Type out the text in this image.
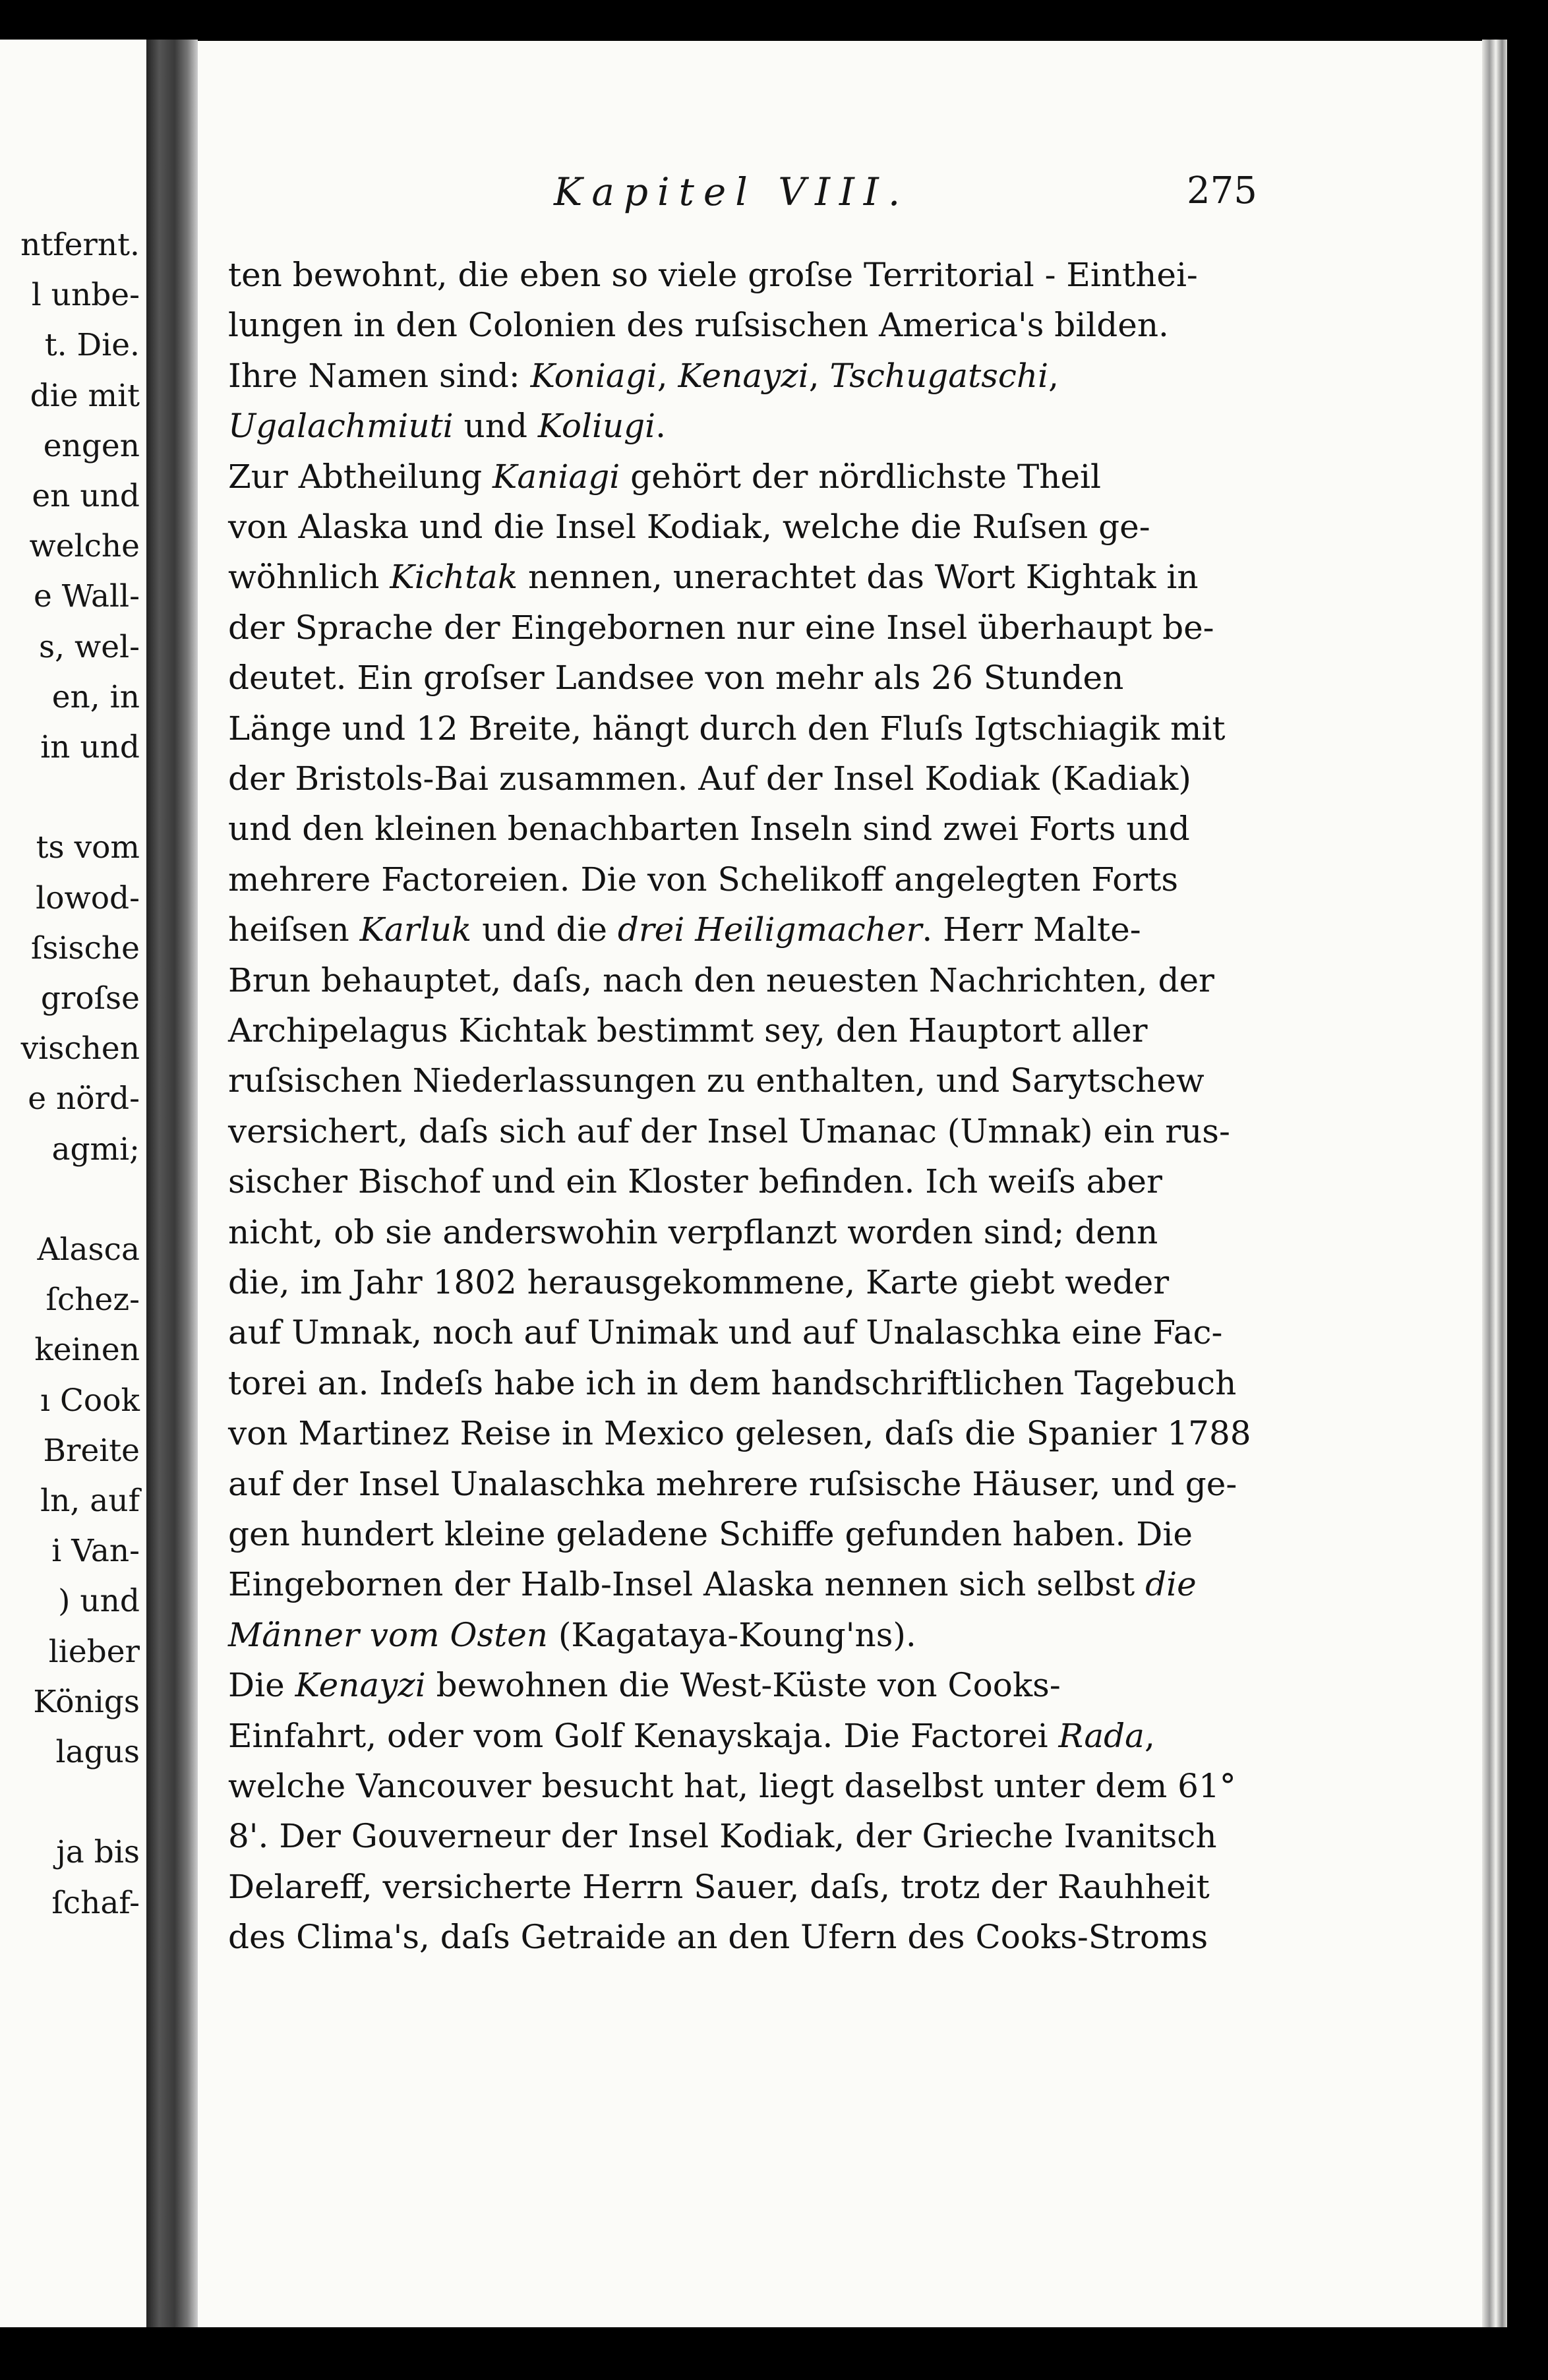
ntfernt.
l unbe-
t. Die.
die mit
engen
en und
welche
e Wall-
s, wel-
en, in
in und
ts vom
lowod-
ſsische
groſse
vischen
e nörd-
agmi;
Alasca
ſchez-
keinen
ı Cook
Breite
ln, auf
i Van-
) und
lieber
Königs
lagus
ja bis
ſchaf-
Kapitel VIII.	275
ten bewohnt, die eben so viele groſse Territorial - Einthei-
lungen in den Colonien des ruſsischen America's bilden.
Ihre Namen sind: Koniagi, Kenayzi, Tschugatschi,
Ugalachmiuti und Koliugi.
Zur Abtheilung Kaniagi gehört der nördlichste Theil
von Alaska und die Insel Kodiak, welche die Ruſsen ge-
wöhnlich Kichtak nennen, unerachtet das Wort Kightak in
der Sprache der Eingebornen nur eine Insel überhaupt be-
deutet. Ein groſser Landsee von mehr als 26 Stunden
Länge und 12 Breite, hängt durch den Fluſs Igtschiagik mit
der Bristols-Bai zusammen. Auf der Insel Kodiak (Kadiak)
und den kleinen benachbarten Inseln sind zwei Forts und
mehrere Factoreien. Die von Schelikoff angelegten Forts
heiſsen Karluk und die drei Heiligmacher. Herr Malte-
Brun behauptet, daſs, nach den neuesten Nachrichten, der
Archipelagus Kichtak bestimmt sey, den Hauptort aller
ruſsischen Niederlassungen zu enthalten, und Sarytschew
versichert, daſs sich auf der Insel Umanac (Umnak) ein rus-
sischer Bischof und ein Kloster befinden. Ich weiſs aber
nicht, ob sie anderswohin verpflanzt worden sind; denn
die, im Jahr 1802 herausgekommene, Karte giebt weder
auf Umnak, noch auf Unimak und auf Unalaschka eine Fac-
torei an. Indeſs habe ich in dem handschriftlichen Tagebuch
von Martinez Reise in Mexico gelesen, daſs die Spanier 1788
auf der Insel Unalaschka mehrere ruſsische Häuser, und ge-
gen hundert kleine geladene Schiffe gefunden haben. Die
Eingebornen der Halb-Insel Alaska nennen sich selbst die
Männer vom Osten (Kagataya-Koung'ns).
Die Kenayzi bewohnen die West-Küste von Cooks-
Einfahrt, oder vom Golf Kenayskaja. Die Factorei Rada,
welche Vancouver besucht hat, liegt daselbst unter dem 61°
8'. Der Gouverneur der Insel Kodiak, der Grieche Ivanitsch
Delareff, versicherte Herrn Sauer, daſs, trotz der Rauhheit
des Clima's, daſs Getraide an den Ufern des Cooks-Stroms
